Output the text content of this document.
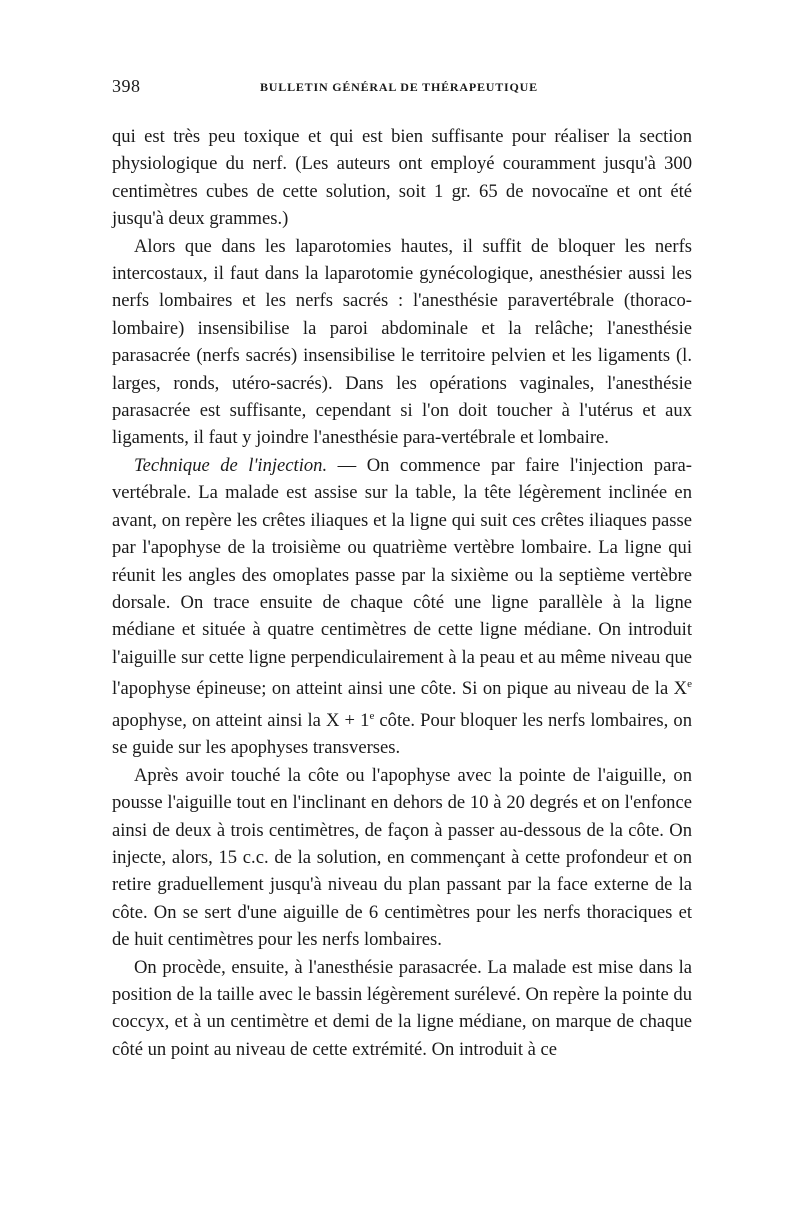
398	BULLETIN GÉNÉRAL DE THÉRAPEUTIQUE

qui est très peu toxique et qui est bien suffisante pour réaliser la section physiologique du nerf. (Les auteurs ont employé couramment jusqu'à 300 centimètres cubes de cette solution, soit 1 gr. 65 de novocaïne et ont été jusqu'à deux grammes.)

Alors que dans les laparotomies hautes, il suffit de bloquer les nerfs intercostaux, il faut dans la laparotomie gynécologique, anesthésier aussi les nerfs lombaires et les nerfs sacrés : l'anesthésie paravertébrale (thoraco-lombaire) insensibilise la paroi abdominale et la relâche; l'anesthésie parasacrée (nerfs sacrés) insensibilise le territoire pelvien et les ligaments (l. larges, ronds, utéro-sacrés). Dans les opérations vaginales, l'anesthésie parasacrée est suffisante, cependant si l'on doit toucher à l'utérus et aux ligaments, il faut y joindre l'anesthésie para-vertébrale et lombaire.

Technique de l'injection. — On commence par faire l'injection para-vertébrale. La malade est assise sur la table, la tête légèrement inclinée en avant, on repère les crêtes iliaques et la ligne qui suit ces crêtes iliaques passe par l'apophyse de la troisième ou quatrième vertèbre lombaire. La ligne qui réunit les angles des omoplates passe par la sixième ou la septième vertèbre dorsale. On trace ensuite de chaque côté une ligne parallèle à la ligne médiane et située à quatre centimètres de cette ligne médiane. On introduit l'aiguille sur cette ligne perpendiculairement à la peau et au même niveau que l'apophyse épineuse; on atteint ainsi une côte. Si on pique au niveau de la Xe apophyse, on atteint ainsi la $X + 1^e$ côte. Pour bloquer les nerfs lombaires, on se guide sur les apophyses transverses.

Après avoir touché la côte ou l'apophyse avec la pointe de l'aiguille, on pousse l'aiguille tout en l'inclinant en dehors de 10 à 20 degrés et on l'enfonce ainsi de deux à trois centimètres, de façon à passer au-dessous de la côte. On injecte, alors, 15 c.c. de la solution, en commençant à cette profondeur et on retire graduellement jusqu'à niveau du plan passant par la face externe de la côte. On se sert d'une aiguille de 6 centimètres pour les nerfs thoraciques et de huit centimètres pour les nerfs lombaires.

On procède, ensuite, à l'anesthésie parasacrée. La malade est mise dans la position de la taille avec le bassin légèrement surélevé. On repère la pointe du coccyx, et à un centimètre et demi de la ligne médiane, on marque de chaque côté un point au niveau de cette extrémité. On introduit à ce
